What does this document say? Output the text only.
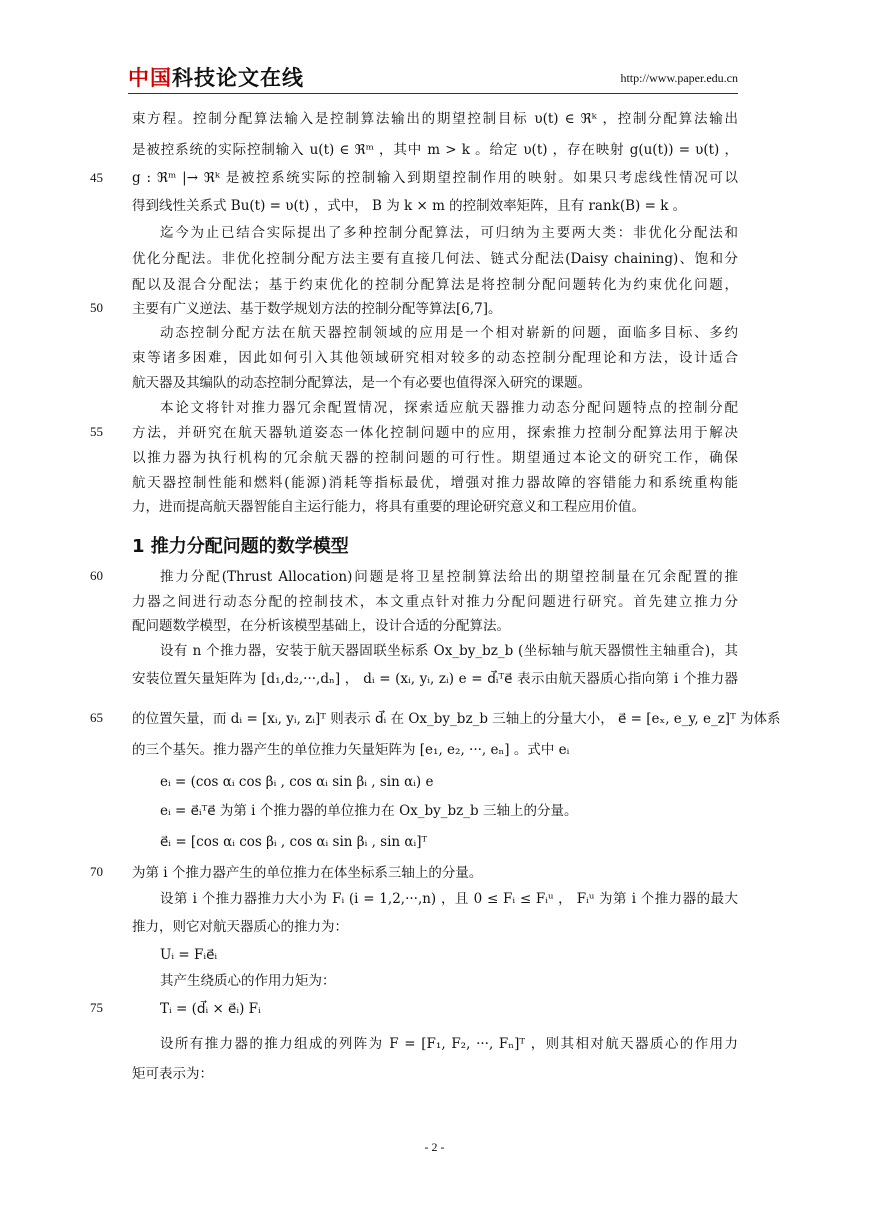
中国科技论文在线	http://www.paper.edu.cn
束方程。控制分配算法输入是控制算法输出的期望控制目标 υ(t) ∈ ℜᵏ ，控制分配算法输出
是被控系统的实际控制输入 u(t) ∈ ℜᵐ ，其中 m > k 。给定 υ(t) ，存在映射 g(u(t)) = υ(t) ，
45 g : ℜᵐ |→ ℜᵏ 是被控系统实际的控制输入到期望控制作用的映射。如果只考虑线性情况可以
得到线性关系式 Bu(t) = υ(t) ，式中， B 为 k × m 的控制效率矩阵，且有 rank(B) = k 。
迄今为止已结合实际提出了多种控制分配算法，可归纳为主要两大类：非优化分配法和
优化分配法。非优化控制分配方法主要有直接几何法、链式分配法(Daisy chaining)、饱和分
配以及混合分配法；基于约束优化的控制分配算法是将控制分配问题转化为约束优化问题，
50 主要有广义逆法、基于数学规划方法的控制分配等算法[6,7]。
动态控制分配方法在航天器控制领域的应用是一个相对崭新的问题，面临多目标、多约
束等诸多困难，因此如何引入其他领域研究相对较多的动态控制分配理论和方法，设计适合
航天器及其编队的动态控制分配算法，是一个有必要也值得深入研究的课题。
本论文将针对推力器冗余配置情况，探索适应航天器推力动态分配问题特点的控制分配
55 方法，并研究在航天器轨道姿态一体化控制问题中的应用，探索推力控制分配算法用于解决
以推力器为执行机构的冗余航天器的控制问题的可行性。期望通过本论文的研究工作，确保
航天器控制性能和燃料(能源)消耗等指标最优，增强对推力器故障的容错能力和系统重构能
力，进而提高航天器智能自主运行能力，将具有重要的理论研究意义和工程应用价值。
1 推力分配问题的数学模型
60	推力分配(Thrust Allocation)问题是将卫星控制算法给出的期望控制量在冗余配置的推
力器之间进行动态分配的控制技术，本文重点针对推力分配问题进行研究。首先建立推力分
配问题数学模型，在分析该模型基础上，设计合适的分配算法。
设有 n 个推力器，安装于航天器固联坐标系 Ox_by_bz_b (坐标轴与航天器惯性主轴重合)，其
安装位置矢量矩阵为 [d₁,d₂,···,dₙ] ， dᵢ = (xᵢ, yᵢ, zᵢ) e = d⃗ᵢᵀe⃗ 表示由航天器质心指向第 i 个推力器
65 的位置矢量，而 dᵢ = [xᵢ, yᵢ, zᵢ]ᵀ 则表示 d⃗ᵢ 在 Ox_by_bz_b 三轴上的分量大小， e⃗ = [eₓ, e_y, e_z]ᵀ 为体系
的三个基矢。推力器产生的单位推力矢量矩阵为 [e₁, e₂, ···, eₙ] 。式中 eᵢ
eᵢ = (cos αᵢ cos βᵢ , cos αᵢ sin βᵢ , sin αᵢ) e
eᵢ = e⃗ᵢᵀe⃗ 为第 i 个推力器的单位推力在 Ox_by_bz_b 三轴上的分量。
e⃗ᵢ = [cos αᵢ cos βᵢ , cos αᵢ sin βᵢ , sin αᵢ]ᵀ
70 为第 i 个推力器产生的单位推力在体坐标系三轴上的分量。
设第 i 个推力器推力大小为 Fᵢ (i = 1,2,···,n) ，且 0 ≤ Fᵢ ≤ Fᵢᵘ ， Fᵢᵘ 为第 i 个推力器的最大
推力，则它对航天器质心的推力为：
Uᵢ = Fᵢe⃗ᵢ
其产生绕质心的作用力矩为：
75	Tᵢ = (d⃗ᵢ × e⃗ᵢ) Fᵢ
设所有推力器的推力组成的列阵为 F = [F₁, F₂, ···, Fₙ]ᵀ ，则其相对航天器质心的作用力
矩可表示为：
- 2 -
